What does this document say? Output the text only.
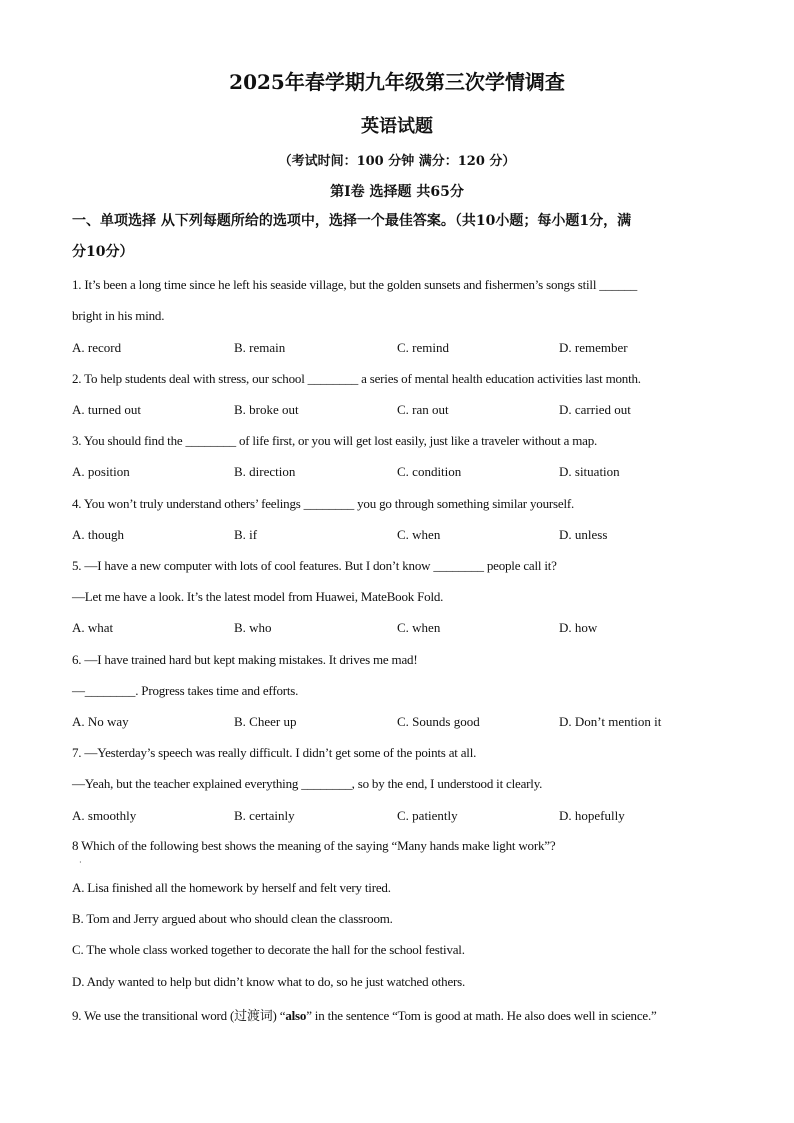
2025年春学期九年级第三次学情调查
英语试题
（考试时间：100 分钟 满分：120 分）
第Ⅰ卷 选择题 共65分
一、单项选择 从下列每题所给的选项中，选择一个最佳答案。（共10小题；每小题1分，满
分10分）
1. It’s been a long time since he left his seaside village, but the golden sunsets and fishermen’s songs still ______
bright in his mind.
A. record	B. remain	C. remind	D. remember
2. To help students deal with stress, our school ________ a series of mental health education activities last month.
A. turned out	B. broke out	C. ran out	D. carried out
3. You should find the ________ of life first, or you will get lost easily, just like a traveler without a map.
A. position	B. direction	C. condition	D. situation
4. You won’t truly understand others’ feelings ________ you go through something similar yourself.
A. though	B. if	C. when	D. unless
5. —I have a new computer with lots of cool features. But I don’t know ________ people call it?
—Let me have a look. It’s the latest model from Huawei, MateBook Fold.
A. what	B. who	C. when	D. how
6. —I have trained hard but kept making mistakes. It drives me mad!
—________. Progress takes time and efforts.
A. No way	B. Cheer up	C. Sounds good	D. Don’t mention it
7. —Yesterday’s speech was really difficult. I didn’t get some of the points at all.
—Yeah, but the teacher explained everything ________, so by the end, I understood it clearly.
A. smoothly	B. certainly	C. patiently	D. hopefully
8 Which of the following best shows the meaning of the saying “Many hands make light work”?
·
A. Lisa finished all the homework by herself and felt very tired.
B. Tom and Jerry argued about who should clean the classroom.
C. The whole class worked together to decorate the hall for the school festival.
D. Andy wanted to help but didn’t know what to do, so he just watched others.
9. We use the transitional word (过渡词) “also” in the sentence “Tom is good at math. He also does well in science.”
